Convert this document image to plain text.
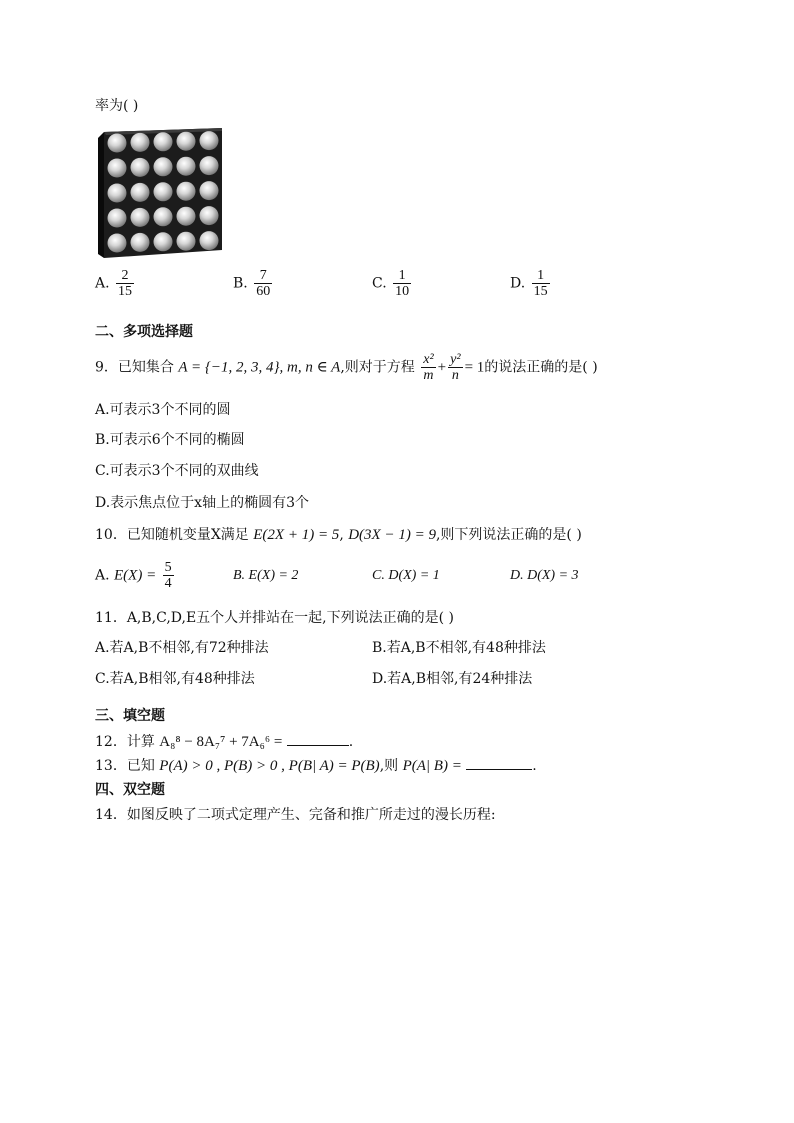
率为( )
A. $\frac{2}{15}$	B. $\frac{7}{60}$	C. $\frac{1}{10}$	D. $\frac{1}{15}$
二、多项选择题
9．已知集合 A = {−1, 2, 3, 4}, m, n ∈ A,则对于方程 $\frac{\text{x²}}{m} + \frac{\text{y²}}{n} = 1$的说法正确的是( )
A.可表示3个不同的圆
B.可表示6个不同的椭圆
C.可表示3个不同的双曲线
D.表示焦点位于x轴上的椭圆有3个
10．已知随机变量X满足 E(2X + 1) = 5, D(3X − 1) = 9,则下列说法正确的是( )
A. $E(X) = \frac{5}{4}$	B. E(X) = 2	C. D(X) = 1	D. D(X) = 3
11．A,B,C,D,E五个人并排站在一起,下列说法正确的是( )
A.若A,B不相邻,有72种排法	B.若A,B不相邻,有48种排法
C.若A,B相邻,有48种排法	D.若A,B相邻,有24种排法
三、填空题
12．计算 A₈⁸ − 8A₇⁷ + 7A₆⁶ =	.
13．已知 P(A) > 0 , P(B) > 0 , P(B| A) = P(B),则 P(A| B) =	.
四、双空题
14．如图反映了二项式定理产生、完备和推广所走过的漫长历程:
